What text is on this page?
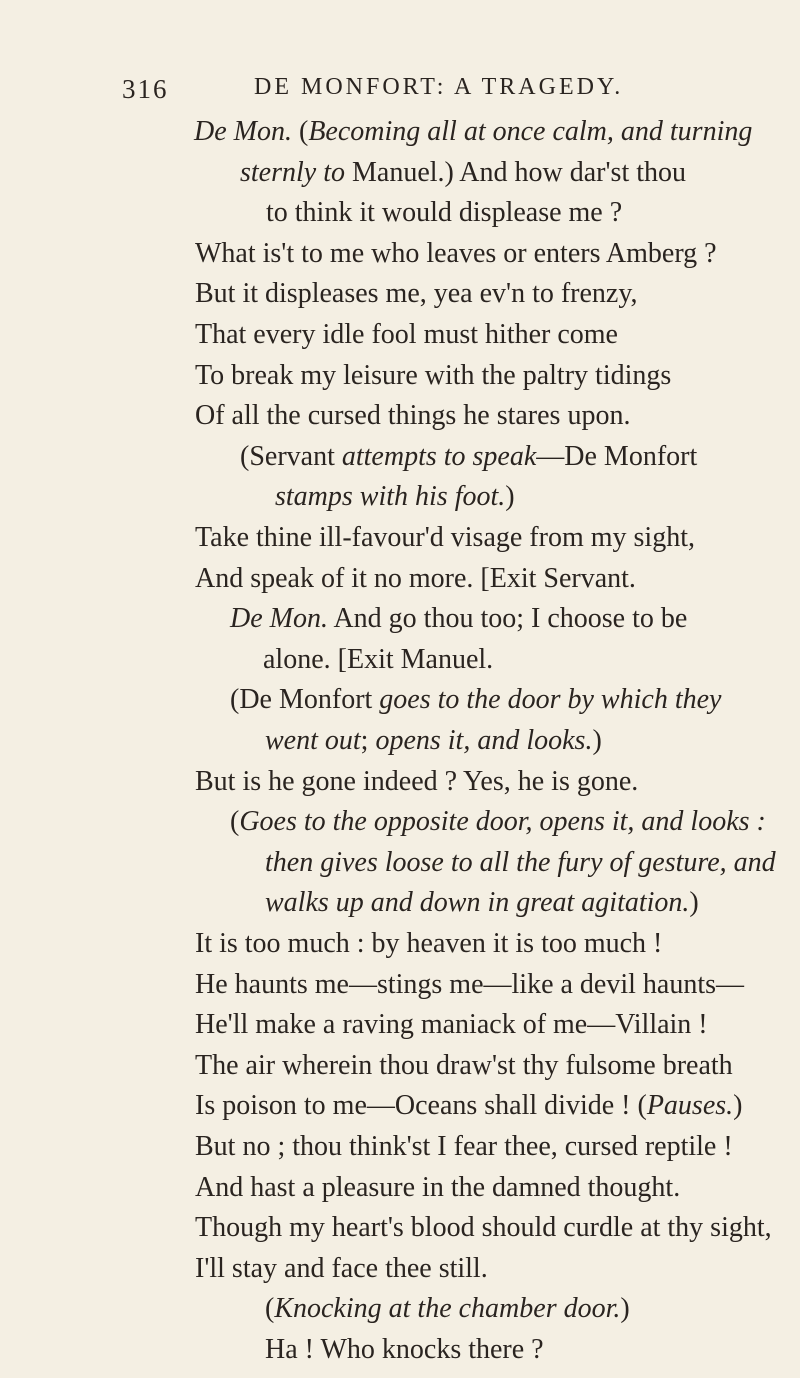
316	DE MONFORT: A TRAGEDY.
De Mon. (Becoming all at once calm, and turning
sternly to Manuel.) And how dar'st thou
to think it would displease me ?
What is't to me who leaves or enters Amberg ?
But it displeases me, yea ev'n to frenzy,
That every idle fool must hither come
To break my leisure with the paltry tidings
Of all the cursed things he stares upon.
(Servant attempts to speak—De Monfort
stamps with his foot.)
Take thine ill-favour'd visage from my sight,
And speak of it no more. [Exit Servant.
De Mon. And go thou too; I choose to be
alone. [Exit Manuel.
(De Monfort goes to the door by which they
went out; opens it, and looks.)
But is he gone indeed ? Yes, he is gone.
(Goes to the opposite door, opens it, and looks :
then gives loose to all the fury of gesture, and
walks up and down in great agitation.)
It is too much : by heaven it is too much !
He haunts me—stings me—like a devil haunts—
He'll make a raving maniack of me—Villain !
The air wherein thou draw'st thy fulsome breath
Is poison to me—Oceans shall divide ! (Pauses.)
But no ; thou think'st I fear thee, cursed reptile !
And hast a pleasure in the damned thought.
Though my heart's blood should curdle at thy sight,
I'll stay and face thee still.
(Knocking at the chamber door.)
Ha ! Who knocks there ?
